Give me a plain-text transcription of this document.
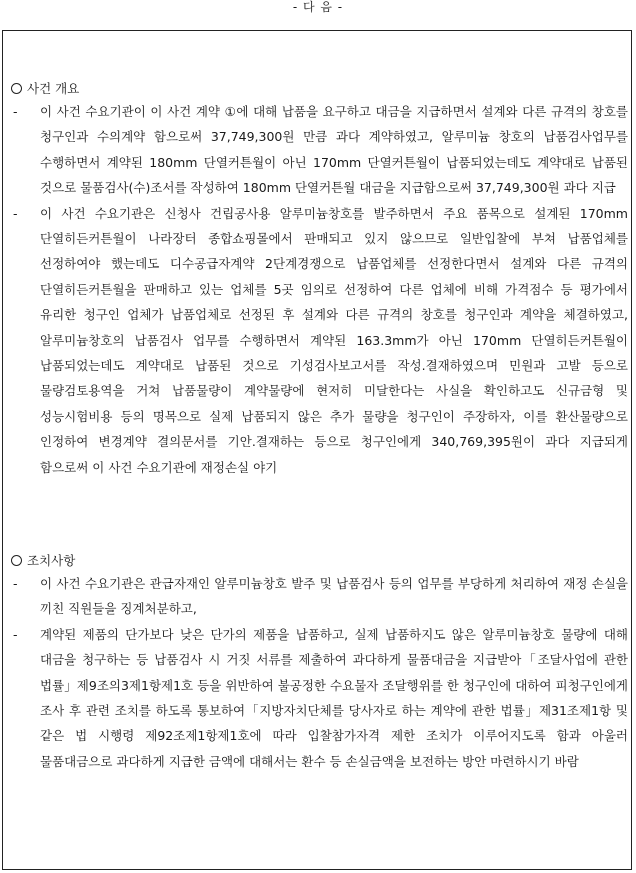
- 다 음 -
사건 개요
- 이 사건 수요기관이 이 사건 계약 ①에 대해 납품을 요구하고 대금을 지급하면서 설계와 다른 규격의 창호를 청구인과 수의계약 함으로써 37,749,300원 만큼 과다 계약하였고, 알루미늄 창호의 납품검사업무를 수행하면서 계약된 180mm 단열커튼월이 아닌 170mm 단열커튼월이 납품되었는데도 계약대로 납품된 것으로 물품검사(수)조서를 작성하여 180mm 단열커튼월 대금을 지급함으로써 37,749,300원 과다 지급
- 이 사건 수요기관은 신청사 건립공사용 알루미늄창호를 발주하면서 주요 품목으로 설계된 170mm 단열히든커튼월이 나라장터 종합쇼핑몰에서 판매되고 있지 않으므로 일반입찰에 부쳐 납품업체를 선정하여야 했는데도 디수공급자계약 2단계경쟁으로 납품업체를 선정한다면서 설계와 다른 규격의 단열히든커튼월을 판매하고 있는 업체를 5곳 임의로 선정하여 다른 업체에 비해 가격점수 등 평가에서 유리한 청구인 업체가 납품업체로 선정된 후 설계와 다른 규격의 창호를 청구인과 계약을 체결하였고, 알루미늄창호의 납품검사 업무를 수행하면서 계약된 163.3mm가 아닌 170mm 단열히든커튼월이 납품되었는데도 계약대로 납품된 것으로 기성검사보고서를 작성.결재하였으며 민원과 고발 등으로 물량검토용역을 거쳐 납품물량이 계약물량에 현저히 미달한다는 사실을 확인하고도 신규금형 및 성능시험비용 등의 명목으로 실제 납품되지 않은 추가 물량을 청구인이 주장하자, 이를 환산물량으로 인정하여 변경계약 결의문서를 기안.결재하는 등으로 청구인에게 340,769,395원이 과다 지급되게 함으로써 이 사건 수요기관에 재정손실 야기
조치사항
- 이 사건 수요기관은 관급자재인 알루미늄창호 발주 및 납품검사 등의 업무를 부당하게 처리하여 재정 손실을 끼친 직원들을 징계처분하고,
- 계약된 제품의 단가보다 낮은 단가의 제품을 납품하고, 실제 납품하지도 않은 알루미늄창호 물량에 대해 대금을 청구하는 등 납품검사 시 거짓 서류를 제출하여 과다하게 물품대금을 지급받아「조달사업에 관한 법률」제9조의3제1항제1호 등을 위반하여 불공정한 수요물자 조달행위를 한 청구인에 대하여 피청구인에게 조사 후 관련 조치를 하도록 통보하여「지방자치단체를 당사자로 하는 계약에 관한 법률」제31조제1항 및 같은 법 시행령 제92조제1항제1호에 따라 입찰참가자격 제한 조치가 이루어지도록 함과 아울러 물품대금으로 과다하게 지급한 금액에 대해서는 환수 등 손실금액을 보전하는 방안 마련하시기 바람
